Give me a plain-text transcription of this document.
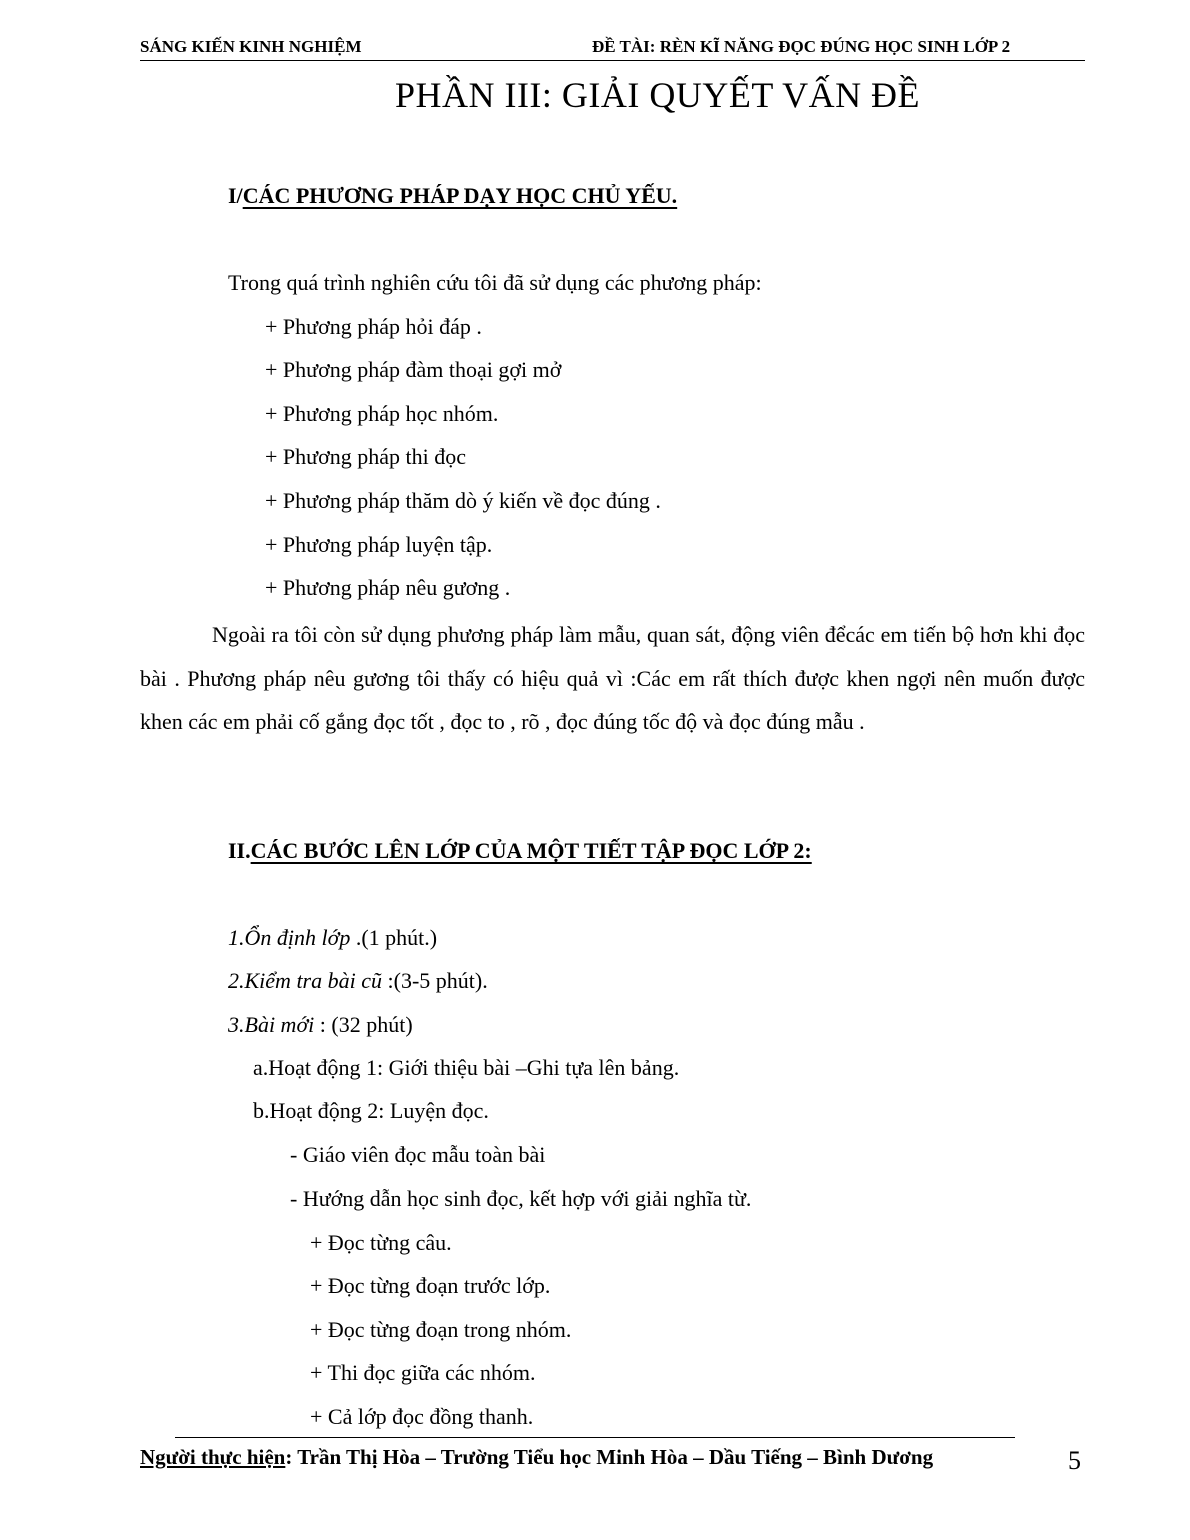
SÁNG KIẾN KINH NGHIỆM	ĐỀ TÀI: RÈN KĨ NĂNG ĐỌC ĐÚNG HỌC SINH LỚP 2
PHẦN III: GIẢI QUYẾT VẤN ĐỀ
I/CÁC PHƯƠNG PHÁP DẠY HỌC CHỦ YẾU.
Trong quá trình nghiên cứu tôi đã sử dụng các phương pháp:
+ Phương pháp hỏi đáp .
+ Phương pháp đàm thoại gợi mở
+ Phương pháp học nhóm.
+ Phương pháp thi đọc
+ Phương pháp thăm dò ý kiến về đọc đúng .
+ Phương pháp luyện tập.
+ Phương pháp nêu gương .
Ngoài ra tôi còn sử dụng phương pháp làm mẫu, quan sát, động viên đểcác em tiến bộ hơn khi đọc bài . Phương pháp nêu gương tôi thấy có hiệu quả vì :Các em rất thích được khen ngợi nên muốn được khen các em phải cố gắng đọc tốt , đọc to , rõ , đọc đúng tốc độ và đọc đúng mẫu .
II.CÁC BƯỚC LÊN LỚP CỦA MỘT TIẾT TẬP ĐỌC LỚP 2:
1.Ổn định lớp .(1 phút.)
2.Kiểm tra bài cũ :(3-5 phút).
3.Bài mới : (32 phút)
a.Hoạt động 1: Giới thiệu bài –Ghi tựa lên bảng.
b.Hoạt động 2: Luyện đọc.
- Giáo viên đọc mẫu toàn bài
- Hướng dẫn học sinh đọc, kết hợp với giải nghĩa từ.
+ Đọc từng câu.
+ Đọc từng đoạn trước lớp.
+ Đọc từng đoạn trong nhóm.
+ Thi đọc giữa các nhóm.
+ Cả lớp đọc đồng thanh.
Người thực hiện: Trần Thị Hòa – Trường Tiểu học Minh Hòa – Dầu Tiếng – Bình Dương	5
